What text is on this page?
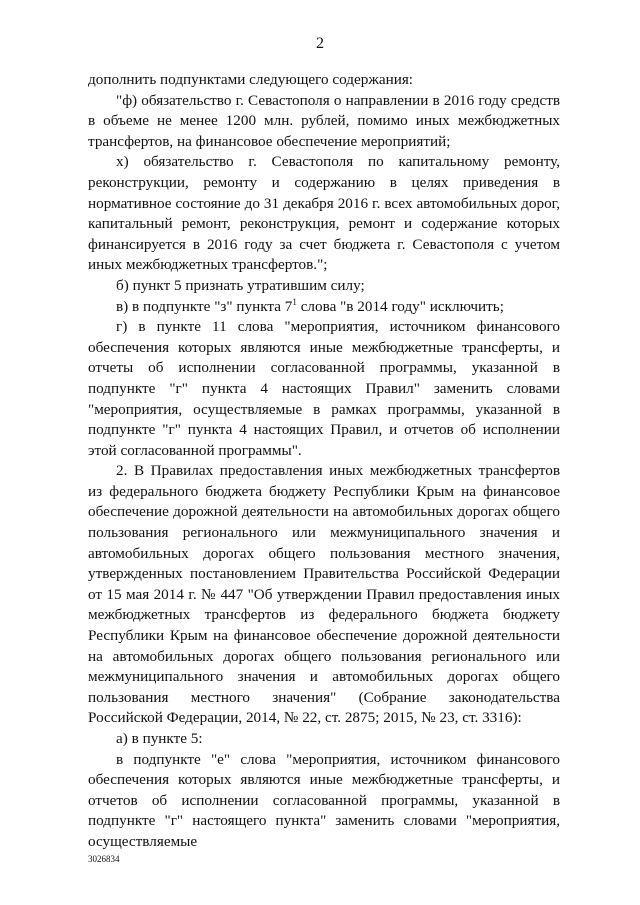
2

дополнить подпунктами следующего содержания:

"ф) обязательство г. Севастополя о направлении в 2016 году средств в объеме не менее 1200 млн. рублей, помимо иных межбюджетных трансфертов, на финансовое обеспечение мероприятий;

х) обязательство г. Севастополя по капитальному ремонту, реконструкции, ремонту и содержанию в целях приведения в нормативное состояние до 31 декабря 2016 г. всех автомобильных дорог, капитальный ремонт, реконструкция, ремонт и содержание которых финансируется в 2016 году за счет бюджета г. Севастополя с учетом иных межбюджетных трансфертов.";

б) пункт 5 признать утратившим силу;

в) в подпункте "з" пункта $7^1$ слова "в 2014 году" исключить;

г) в пункте 11 слова "мероприятия, источником финансового обеспечения которых являются иные межбюджетные трансферты, и отчеты об исполнении согласованной программы, указанной в подпункте "г" пункта 4 настоящих Правил" заменить словами "мероприятия, осуществляемые в рамках программы, указанной в подпункте "г" пункта 4 настоящих Правил, и отчетов об исполнении этой согласованной программы".

2. В Правилах предоставления иных межбюджетных трансфертов из федерального бюджета бюджету Республики Крым на финансовое обеспечение дорожной деятельности на автомобильных дорогах общего пользования регионального или межмуниципального значения и автомобильных дорогах общего пользования местного значения, утвержденных постановлением Правительства Российской Федерации от 15 мая 2014 г. № 447 "Об утверждении Правил предоставления иных межбюджетных трансфертов из федерального бюджета бюджету Республики Крым на финансовое обеспечение дорожной деятельности на автомобильных дорогах общего пользования регионального или межмуниципального значения и автомобильных дорогах общего пользования местного значения" (Собрание законодательства Российской Федерации, 2014, № 22, ст. 2875; 2015, № 23, ст. 3316):

а) в пункте 5:

в подпункте "е" слова "мероприятия, источником финансового обеспечения которых являются иные межбюджетные трансферты, и отчетов об исполнении согласованной программы, указанной в подпункте "г" настоящего пункта" заменить словами "мероприятия, осуществляемые

3026834
